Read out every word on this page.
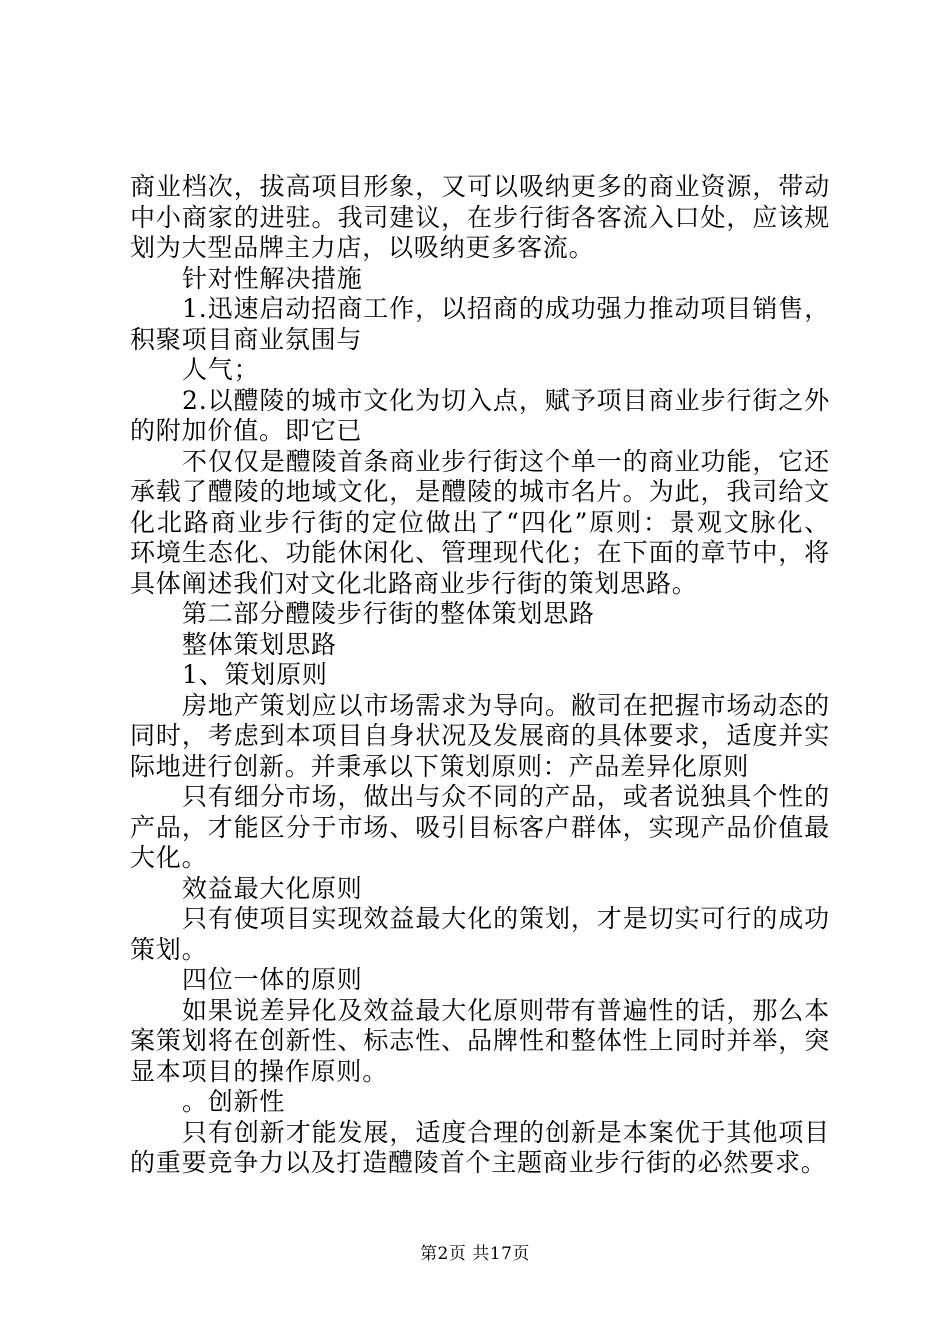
商业档次，拔高项目形象，又可以吸纳更多的商业资源，带动
中小商家的进驻。我司建议，在步行街各客流入口处，应该规
划为大型品牌主力店，以吸纳更多客流。
针对性解决措施
1.迅速启动招商工作，以招商的成功强力推动项目销售，
积聚项目商业氛围与
人气；
2.以醴陵的城市文化为切入点，赋予项目商业步行街之外
的附加价值。即它已
不仅仅是醴陵首条商业步行街这个单一的商业功能，它还
承载了醴陵的地域文化，是醴陵的城市名片。为此，我司给文
化北路商业步行街的定位做出了“四化”原则：景观文脉化、
环境生态化、功能休闲化、管理现代化；在下面的章节中，将
具体阐述我们对文化北路商业步行街的策划思路。
第二部分醴陵步行街的整体策划思路
整体策划思路
1、策划原则
房地产策划应以市场需求为导向。敝司在把握市场动态的
同时，考虑到本项目自身状况及发展商的具体要求，适度并实
际地进行创新。并秉承以下策划原则：产品差异化原则
只有细分市场，做出与众不同的产品，或者说独具个性的
产品，才能区分于市场、吸引目标客户群体，实现产品价值最
大化。
效益最大化原则
只有使项目实现效益最大化的策划，才是切实可行的成功
策划。
四位一体的原则
如果说差异化及效益最大化原则带有普遍性的话，那么本
案策划将在创新性、标志性、品牌性和整体性上同时并举，突
显本项目的操作原则。
。创新性
只有创新才能发展，适度合理的创新是本案优于其他项目
的重要竞争力以及打造醴陵首个主题商业步行街的必然要求。
第2页 共17页
